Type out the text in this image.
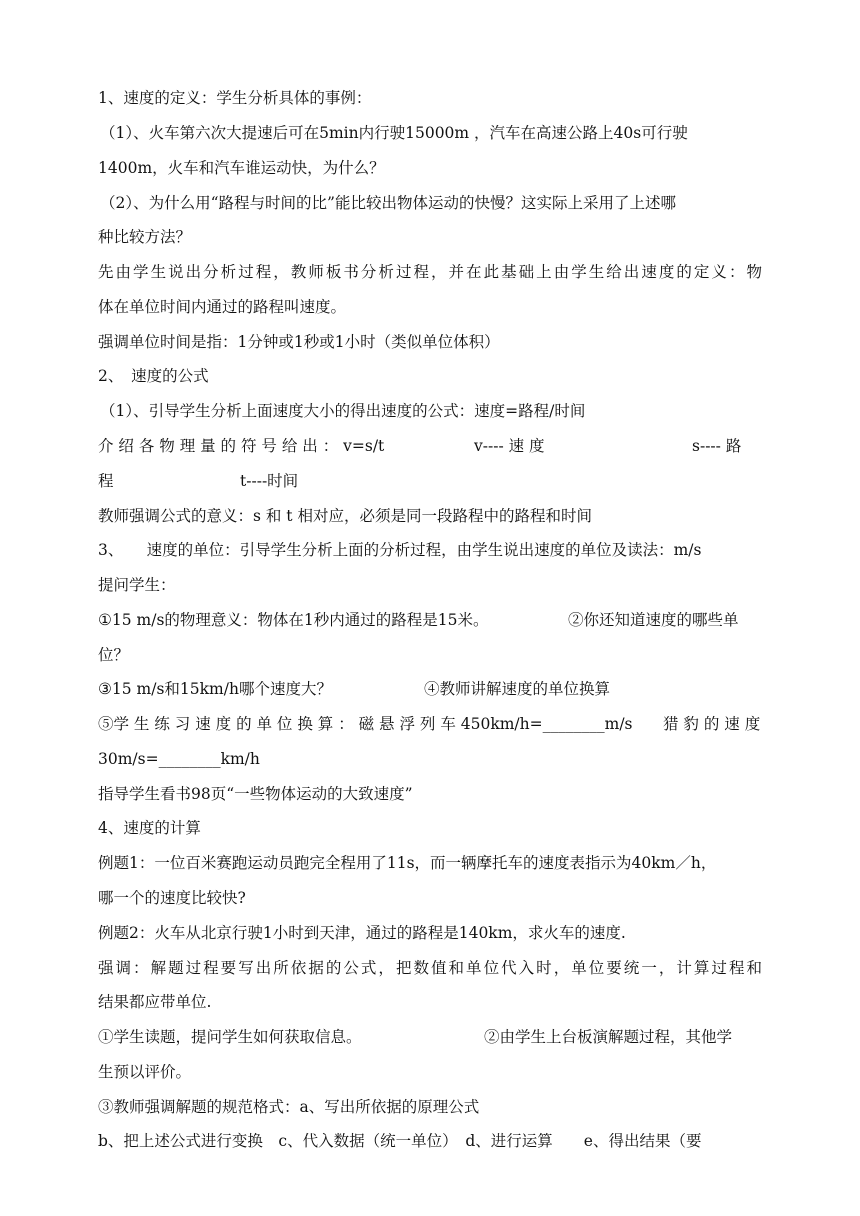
1、速度的定义：学生分析具体的事例：
（1）、火车第六次大提速后可在5min内行驶15000m ，汽车在高速公路上40s可行驶
1400m，火车和汽车谁运动快，为什么？
（2）、为什么用“路程与时间的比”能比较出物体运动的快慢？这实际上采用了上述哪
种比较方法？
先由学生说出分析过程，教师板书分析过程，并在此基础上由学生给出速度的定义：物
体在单位时间内通过的路程叫速度。
强调单位时间是指：1分钟或1秒或1小时（类似单位体积）
2、　速度的公式
（1）、引导学生分析上面速度大小的得出速度的公式：速度=路程/时间

介 绍 各 物 理 量 的 符 号 给 出 ： v=s/t

	v---- 速 度

	s---- 路

程

	t----时间

教师强调公式的意义：s 和 t 相对应，必须是同一段路程中的路程和时间
3、　　速度的单位：引导学生分析上面的分析过程，由学生说出速度的单位及读法：m/s
提问学生：

①15 m/s的物理意义：物体在1秒内通过的路程是15米。

	②你还知道速度的哪些单

位？

③15 m/s和15km/h哪个速度大？

	④教师讲解速度的单位换算

⑤学 生 练 习 速 度 的 单 位 换 算 ： 磁 悬 浮 列 车 450km/h=________m/s

猎 豹 的 速 度

30m/s=________km/h
指导学生看书98页“一些物体运动的大致速度”
4、速度的计算
例题1：一位百米赛跑运动员跑完全程用了11s，而一辆摩托车的速度表指示为40km／h，
哪一个的速度比较快?
例题2：火车从北京行驶1小时到天津，通过的路程是140km，求火车的速度.
强调：解题过程要写出所依据的公式，把数值和单位代入时，单位要统一，计算过程和
结果都应带单位.

①学生读题，提问学生如何获取信息。

	②由学生上台板演解题过程，其他学

生预以评价。
③教师强调解题的规范格式：a、写出所依据的原理公式
b、把上述公式进行变换　c、代入数据（统一单位）　d、进行运算　　e、得出结果（要
